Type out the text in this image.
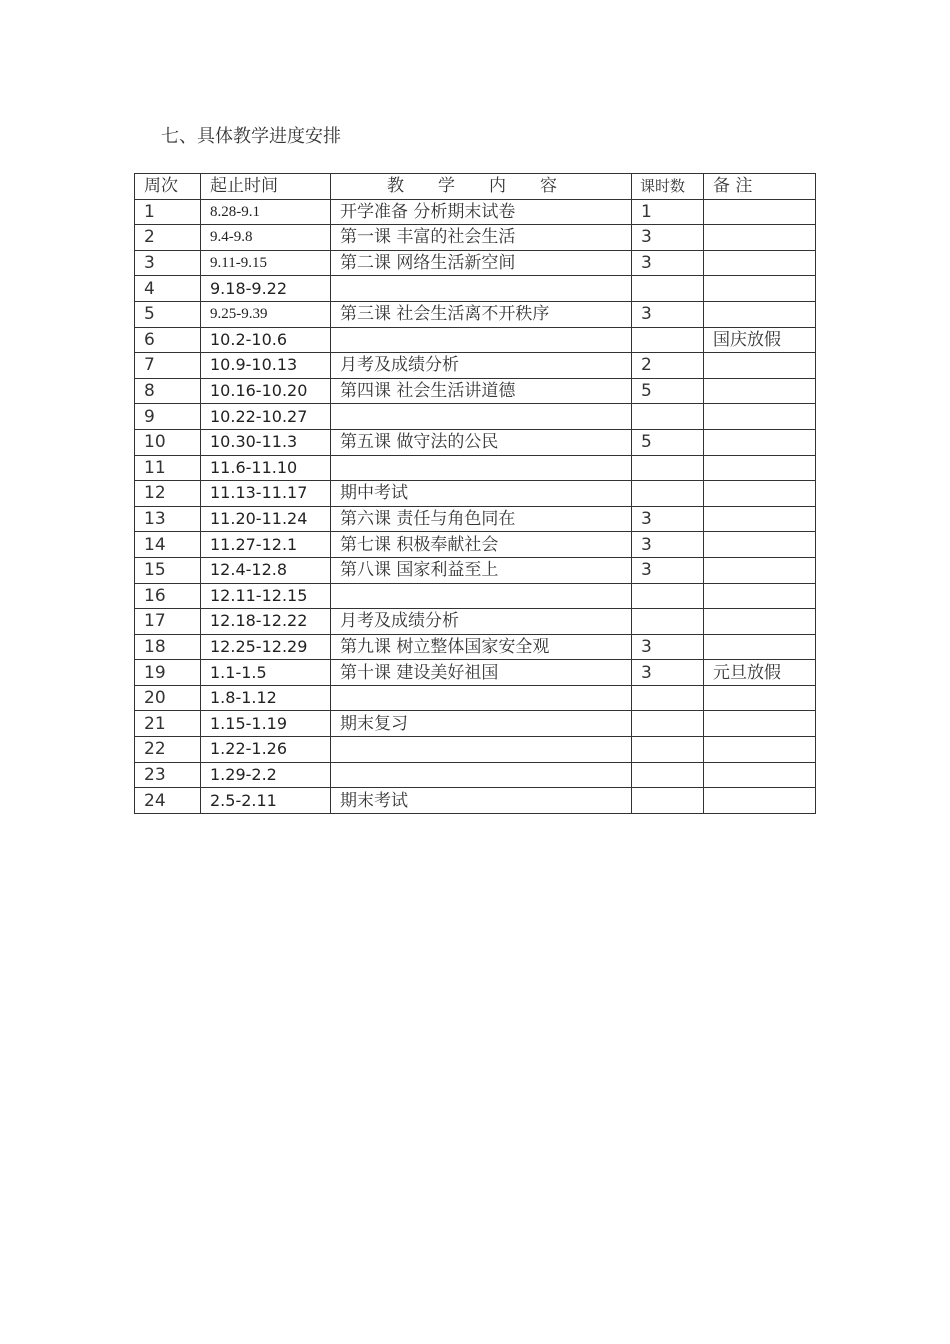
七、具体教学进度安排
周次	起止时间	教　　学　　内　　容	课时数	备 注
1	8.28-9.1	开学准备 分析期末试卷	1	
2	9.4-9.8	第一课 丰富的社会生活	3	
3	9.11-9.15	第二课 网络生活新空间	3	
4	9.18-9.22			
5	9.25-9.39	第三课 社会生活离不开秩序	3	
6	10.2-10.6			国庆放假
7	10.9-10.13	月考及成绩分析	2	
8	10.16-10.20	第四课 社会生活讲道德	5	
9	10.22-10.27			
10	10.30-11.3	第五课 做守法的公民	5	
11	11.6-11.10			
12	11.13-11.17	期中考试		
13	11.20-11.24	第六课 责任与角色同在	3	
14	11.27-12.1	第七课 积极奉献社会	3	
15	12.4-12.8	第八课 国家利益至上	3	
16	12.11-12.15			
17	12.18-12.22	月考及成绩分析		
18	12.25-12.29	第九课 树立整体国家安全观	3	
19	1.1-1.5	第十课 建设美好祖国	3	元旦放假
20	1.8-1.12			
21	1.15-1.19	期末复习		
22	1.22-1.26			
23	1.29-2.2			
24	2.5-2.11	期末考试		
